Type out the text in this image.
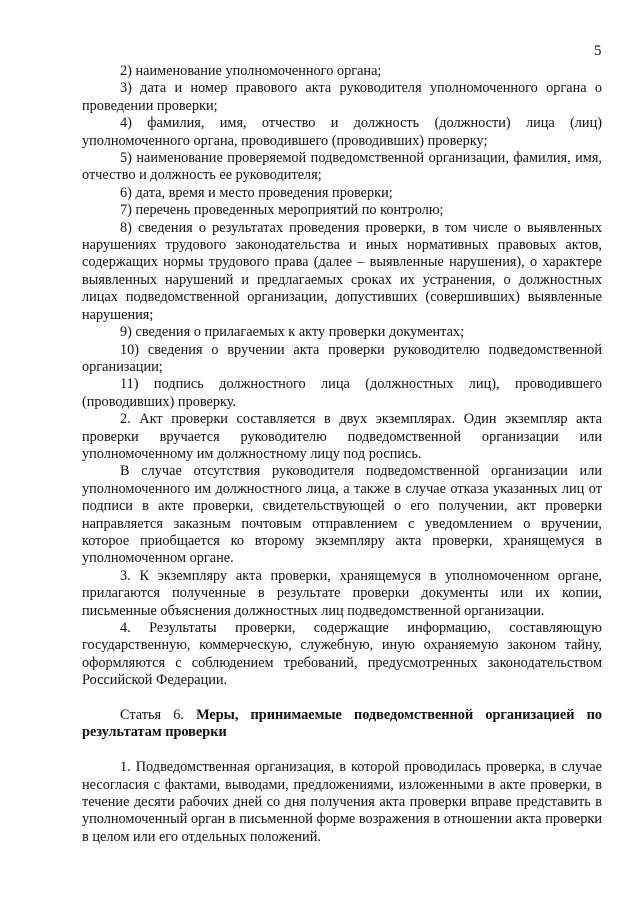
5

2) наименование уполномоченного органа;

3) дата и номер правового акта руководителя уполномоченного органа о проведении проверки;

4) фамилия, имя, отчество и должность (должности) лица (лиц) уполномоченного органа, проводившего (проводивших) проверку;

5) наименование проверяемой подведомственной организации, фамилия, имя, отчество и должность ее руководителя;

6) дата, время и место проведения проверки;

7) перечень проведенных мероприятий по контролю;

8) сведения о результатах проведения проверки, в том числе о выявленных нарушениях трудового законодательства и иных нормативных правовых актов, содержащих нормы трудового права (далее – выявленные нарушения), о характере выявленных нарушений и предлагаемых сроках их устранения, о должностных лицах подведомственной организации, допустивших (совершивших) выявленные нарушения;

9) сведения о прилагаемых к акту проверки документах;

10) сведения о вручении акта проверки руководителю подведомственной организации;

11) подпись должностного лица (должностных лиц), проводившего (проводивших) проверку.

2. Акт проверки составляется в двух экземплярах. Один экземпляр акта проверки вручается руководителю подведомственной организации или уполномоченному им должностному лицу под роспись.

В случае отсутствия руководителя подведомственной организации или уполномоченного им должностного лица, а также в случае отказа указанных лиц от подписи в акте проверки, свидетельствующей о его получении, акт проверки направляется заказным почтовым отправлением с уведомлением о вручении, которое приобщается ко второму экземпляру акта проверки, хранящемуся в уполномоченном органе.

3. К экземпляру акта проверки, хранящемуся в уполномоченном органе, прилагаются полученные в результате проверки документы или их копии, письменные объяснения должностных лиц подведомственной организации.

4. Результаты проверки, содержащие информацию, составляющую государственную, коммерческую, служебную, иную охраняемую законом тайну, оформляются с соблюдением требований, предусмотренных законодательством Российской Федерации.

Статья 6. Меры, принимаемые подведомственной организацией по результатам проверки

1. Подведомственная организация, в которой проводилась проверка, в случае несогласия с фактами, выводами, предложениями, изложенными в акте проверки, в течение десяти рабочих дней со дня получения акта проверки вправе представить в уполномоченный орган в письменной форме возражения в отношении акта проверки в целом или его отдельных положений.
